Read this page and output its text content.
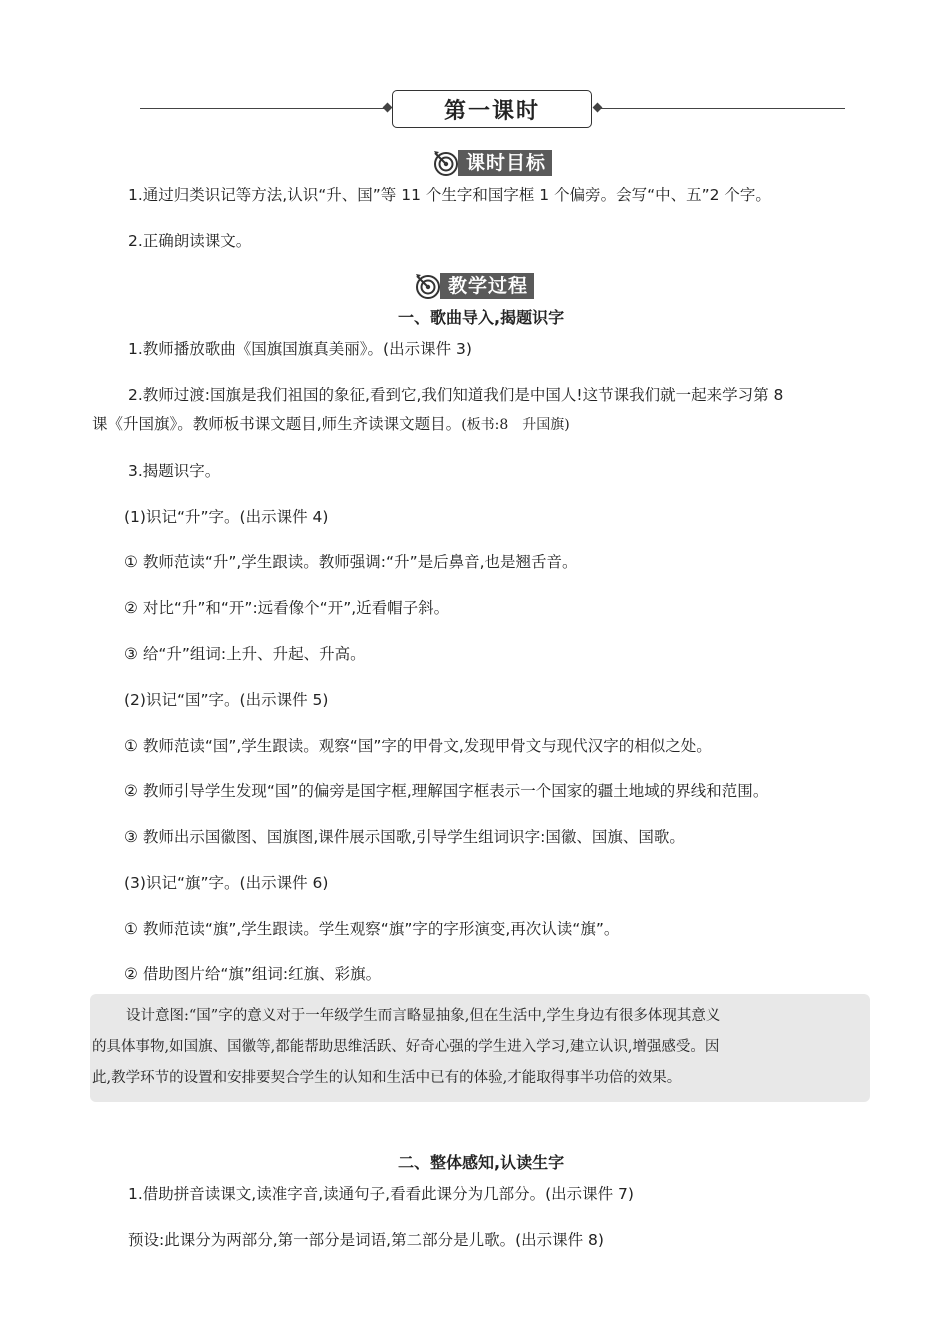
第一课时
课时目标
1.通过归类识记等方法,认识“升、国”等 11 个生字和国字框 1 个偏旁。会写“中、五”2 个字。
2.正确朗读课文。
教学过程
一、歌曲导入,揭题识字
1.教师播放歌曲《国旗国旗真美丽》。(出示课件 3)
2.教师过渡:国旗是我们祖国的象征,看到它,我们知道我们是中国人!这节课我们就一起来学习第 8
课《升国旗》。教师板书课文题目,师生齐读课文题目。(板书:8　升国旗)
3.揭题识字。
(1)识记“升”字。(出示课件 4)
① 教师范读“升”,学生跟读。教师强调:“升”是后鼻音,也是翘舌音。
② 对比“升”和“开”:远看像个“开”,近看帽子斜。
③ 给“升”组词:上升、升起、升高。
(2)识记“国”字。(出示课件 5)
① 教师范读“国”,学生跟读。观察“国”字的甲骨文,发现甲骨文与现代汉字的相似之处。
② 教师引导学生发现“国”的偏旁是国字框,理解国字框表示一个国家的疆土地域的界线和范围。
③ 教师出示国徽图、国旗图,课件展示国歌,引导学生组词识字:国徽、国旗、国歌。
(3)识记“旗”字。(出示课件 6)
① 教师范读“旗”,学生跟读。学生观察“旗”字的字形演变,再次认读“旗”。
② 借助图片给“旗”组词:红旗、彩旗。
设计意图:“国”字的意义对于一年级学生而言略显抽象,但在生活中,学生身边有很多体现其意义
的具体事物,如国旗、国徽等,都能帮助思维活跃、好奇心强的学生进入学习,建立认识,增强感受。因
此,教学环节的设置和安排要契合学生的认知和生活中已有的体验,才能取得事半功倍的效果。
二、整体感知,认读生字
1.借助拼音读课文,读准字音,读通句子,看看此课分为几部分。(出示课件 7)
预设:此课分为两部分,第一部分是词语,第二部分是儿歌。(出示课件 8)
